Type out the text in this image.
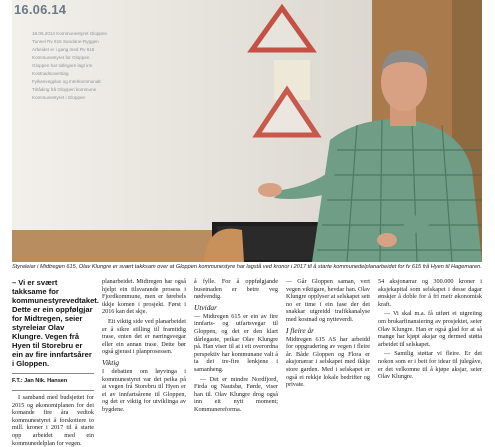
16.06.14
18.06.2014 Kommunestyret Gloppen
Tunnel Rv 615 Sandane-Ryggen
Arbeidet er i gang med Rv 615
Kommunestyret for Gloppen
Gloppen har tidlegare lagt inn
Kostnadsoverslag
Fylkesvegplan og Interkommunalt
Tilråding frå Gloppen kommune
Kommunestyret i Gloppen
Styreleiar i Midtregen 615, Olav Klungre er svært takksam over at Gloppen kommunestyre har lagstå ved kronor i 2017 til å starte kommunedelplanarbeidet for fv 615 frå Hyen til Hagemaren.
– Vi er svært takksame for kommunestyrevedtaket. Dette er ein oppfølgjar for Midtregen, seier styreleiar Olav Klungre. Vegen frå Hyen til Storebru er ein av fire innfartsårer i Gloppen.
F.T.: Jan Nik. Hansen

I samband med budsjettet for 2015 og økonomiplanen for dei komande fire åra vedtok kommunestyret å forskottere to mill. kroner i 2017 til å starte opp arbeidet med ein kommunedelplan for vegen.

planarbeidet. Midtregen har også hjelpt ein tilsvarande prosess i Fjordkommune, men er førebels ikkje komen i prosjekt. Først i 2016 kan det skje.

Eit viktig side ved planarbeidet er å sikre stilling til framtidig trase, enten det er næringsvegar eller ein annan trase. Dette bør også gjerast i planprosessen.

Viktig

I debatten om løyvinga i kommunestyret var det peika på at vegen frå Storebru til Hyen er ei av innfartsårene til Gloppen, og det er viktig for utviklinga av bygdene.

å fylle. For å oppfølgjande busetnaden er betre veg nødvendig.

Utvidar

— Midtregen 615 er ein av fire innfarts- og utfartsvegar til Gloppen, og det er den klart dårlegaste, peikar Olav Klungre på. Han viser til at i eit overordna perspektiv har kommunane valt å ta dei tre-fire lenkjene i samanheng.

— Det er mindre Nordfjord, Firda og Nautsbø, Førde, viser han til. Olav Klungre drog også inn eit nytt moment; Kommunereforma.

— Går Gloppen saman, vert vegen viktigare, hevdar han. Olav Klungre opplyser at selskapet sett no er time i ein fase der det snakkar utgreidd trafikkanalyse med kostnad og nytteverdi.

I fleire år

Midtregen 615 AS har arbeidd for oppgradering av vegen i fleire år. Både Gloppen og Flora er aksjonærar i selskapet med ikkje store garden. Med i selskapet er også ei rekkje lokale bedrifter og private.

54 aksjonærar og 300.000 kroner i aksjekapital som selskapet i desse dagar ønskjer å doble for å fri meir økonomisk kraft.

— Vi skal m.a. få utført ei utgreiing om brukarfinansiering av prosjektet, seier Olav Klungre. Han er også glad for at så mange har kjøpt aksjar og dermed støtta arbeidet til selskapet.

— Samtlig støttar vi fleire. Er det nokon som er i beit for idear til julegåve, er det velkomne til å kjøpe aksjar, seier Olav Klungre.
